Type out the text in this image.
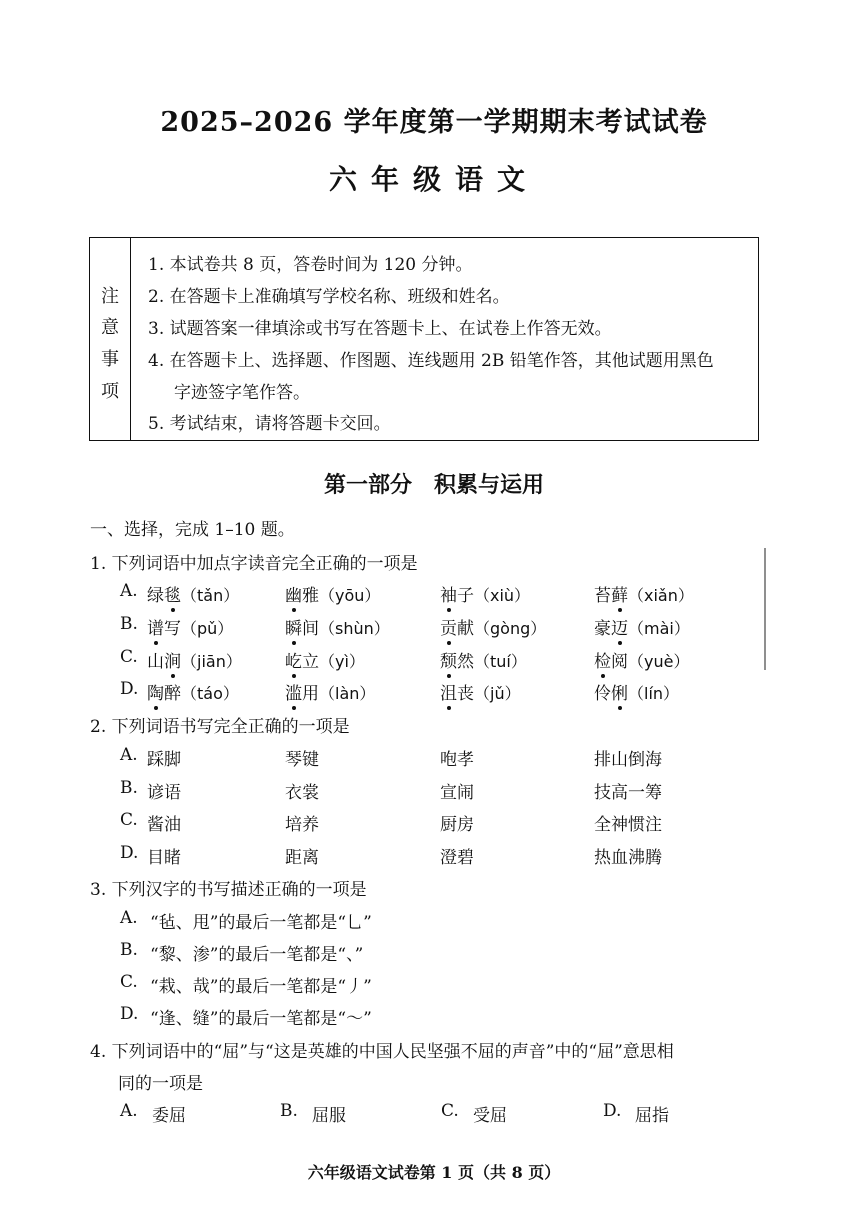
2025–2026 学年度第一学期期末考试试卷
六年级语文
注
意
事
项
1. 本试卷共 8 页，答卷时间为 120 分钟。
2. 在答题卡上准确填写学校名称、班级和姓名。
3. 试题答案一律填涂或书写在答题卡上、在试卷上作答无效。
4. 在答题卡上、选择题、作图题、连线题用 2B 铅笔作答，其他试题用黑色
字迹签字笔作答。
5. 考试结束，请将答题卡交回。
第一部分　积累与运用
一、选择，完成 1–10 题。
1. 下列词语中加点字读音完全正确的一项是
A. 绿毯（tǎn）	幽雅（yōu）	袖子（xiù）	苔藓（xiǎn）
B. 谱写（pǔ）	瞬间（shùn）	贡献（gòng）	豪迈（mài）
C. 山涧（jiān）	屹立（yì）	颓然（tuí）	检阅（yuè）
D. 陶醉（táo）	滥用（làn）	沮丧（jǔ）	伶俐（lín）
2. 下列词语书写完全正确的一项是
A. 踩脚	琴键	咆孝	排山倒海
B. 谚语	衣裳	宣闹	技高一筹
C. 酱油	培养	厨房	全神惯注
D. 目睹	距离	澄碧	热血沸腾
3. 下列汉字的书写描述正确的一项是
A. “毡、甩”的最后一笔都是“乚”
B. “黎、渗”的最后一笔都是“、”
C. “栽、哉”的最后一笔都是“丿”
D. “逢、缝”的最后一笔都是“～”
4. 下列词语中的“屈”与“这是英雄的中国人民坚强不屈的声音”中的“屈”意思相
同的一项是
A. 委屈	B. 屈服	C. 受屈	D. 屈指
六年级语文试卷第 1 页（共 8 页）
